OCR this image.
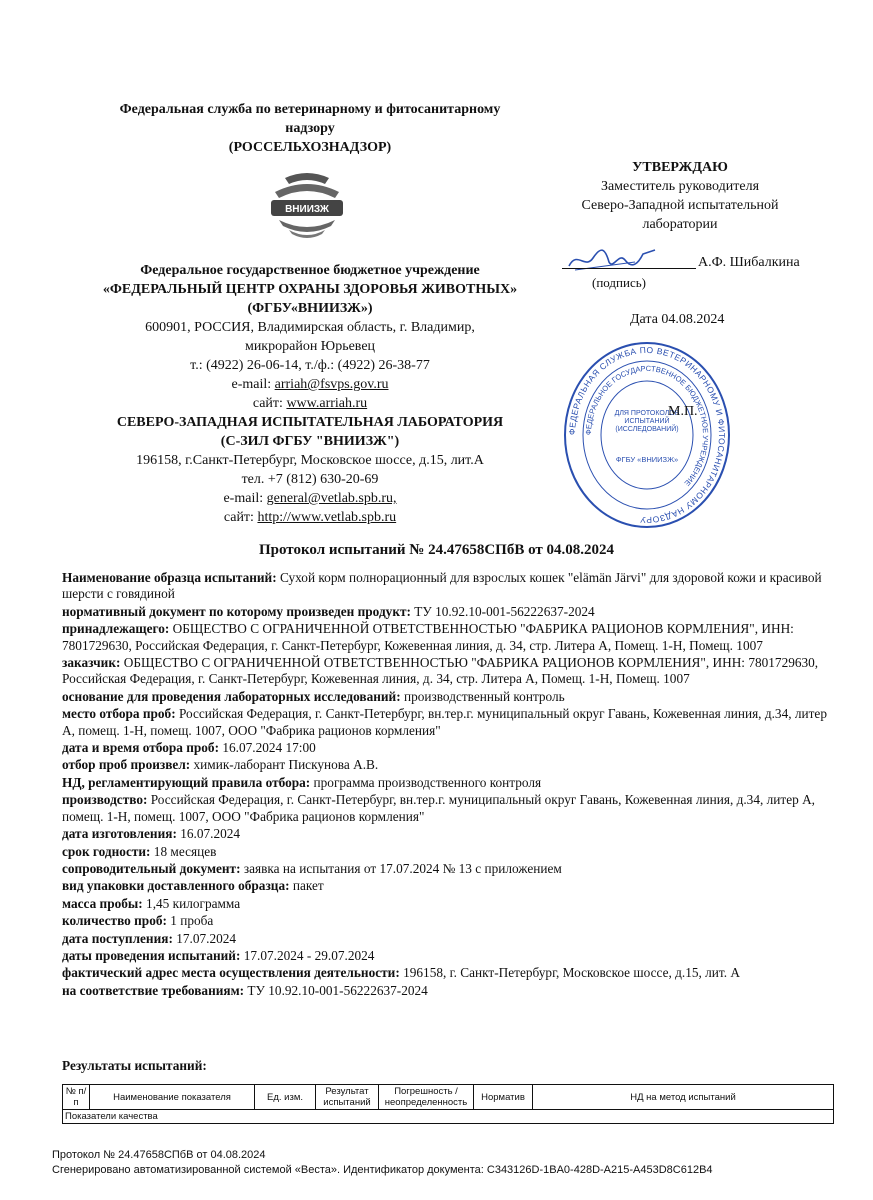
Федеральная служба по ветеринарному и фитосанитарному
надзору
(РОССЕЛЬХОЗНАДЗОР)
Федеральное государственное бюджетное учреждение
«ФЕДЕРАЛЬНЫЙ ЦЕНТР ОХРАНЫ ЗДОРОВЬЯ ЖИВОТНЫХ»
(ФГБУ«ВНИИЗЖ»)
600901, РОССИЯ, Владимирская область, г. Владимир,
микрорайон Юрьевец
т.: (4922) 26-06-14, т./ф.: (4922) 26-38-77
e-mail: arriah@fsvps.gov.ru
сайт: www.arriah.ru
СЕВЕРО-ЗАПАДНАЯ ИСПЫТАТЕЛЬНАЯ ЛАБОРАТОРИЯ
(С-ЗИЛ ФГБУ "ВНИИЗЖ")
196158, г.Санкт-Петербург, Московское шоссе, д.15, лит.А
тел. +7 (812) 630-20-69
e-mail: general@vetlab.spb.ru,
сайт: http://www.vetlab.spb.ru
ВНИИЗЖ
УТВЕРЖДАЮ
Заместитель руководителя
Северо-Западной испытательной
лаборатории
А.Ф. Шибалкина
(подпись)
Дата 04.08.2024
ФЕДЕРАЛЬНАЯ СЛУЖБА ПО ВЕТЕРИНАРНОМУ И ФИТОСАНИТАРНОМУ НАДЗОРУ
ФЕДЕРАЛЬНОЕ ГОСУДАРСТВЕННОЕ БЮДЖЕТНОЕ УЧРЕЖДЕНИЕ
ДЛЯ ПРОТОКОЛОВ ИСПЫТАНИЙ (ИССЛЕДОВАНИЙ)
ФГБУ «ВНИИЗЖ»
М.П.
Протокол испытаний № 24.47658СПбВ от 04.08.2024

Наименование образца испытаний: Сухой корм полнорационный для взрослых кошек "elämän Järvi" для здоровой кожи и красивой шерсти с говядиной

нормативный документ по которому произведен продукт: ТУ 10.92.10-001-56222637-2024

принадлежащего: ОБЩЕСТВО С ОГРАНИЧЕННОЙ ОТВЕТСТВЕННОСТЬЮ "ФАБРИКА РАЦИОНОВ КОРМЛЕНИЯ", ИНН: 7801729630, Российская Федерация, г. Санкт-Петербург, Кожевенная линия, д. 34, стр. Литера А, Помещ. 1-Н, Помещ. 1007

заказчик: ОБЩЕСТВО С ОГРАНИЧЕННОЙ ОТВЕТСТВЕННОСТЬЮ "ФАБРИКА РАЦИОНОВ КОРМЛЕНИЯ", ИНН: 7801729630, Российская Федерация, г. Санкт-Петербург, Кожевенная линия, д. 34, стр. Литера А, Помещ. 1-Н, Помещ. 1007

основание для проведения лабораторных исследований: производственный контроль

место отбора проб: Российская Федерация, г. Санкт-Петербург, вн.тер.г. муниципальный округ Гавань, Кожевенная линия, д.34, литер А, помещ. 1-Н, помещ. 1007, ООО "Фабрика рационов кормления"

дата и время отбора проб: 16.07.2024 17:00

отбор проб произвел: химик-лаборант Пискунова А.В.

НД, регламентирующий правила отбора: программа производственного контроля

производство: Российская Федерация, г. Санкт-Петербург, вн.тер.г. муниципальный округ Гавань, Кожевенная линия, д.34, литер А, помещ. 1-Н, помещ. 1007, ООО "Фабрика рационов кормления"

дата изготовления: 16.07.2024

срок годности: 18 месяцев

сопроводительный документ: заявка на испытания от 17.07.2024 № 13 с приложением

вид упаковки доставленного образца: пакет

масса пробы: 1,45 килограмма

количество проб: 1 проба

дата поступления: 17.07.2024

даты проведения испытаний: 17.07.2024 - 29.07.2024

фактический адрес места осуществления деятельности: 196158, г. Санкт-Петербург, Московское шоссе, д.15, лит. А

на соответствие требованиям: ТУ 10.92.10-001-56222637-2024

Результаты испытаний:
№ п/п	Наименование показателя	Ед. изм.	Результат испытаний	Погрешность / неопределенность	Норматив	НД на метод испытаний
Показатели качества
Протокол № 24.47658СПбВ от 04.08.2024
Сгенерировано автоматизированной системой «Веста». Идентификатор документа: C343126D-1BA0-428D-A215-A453D8C612B4
